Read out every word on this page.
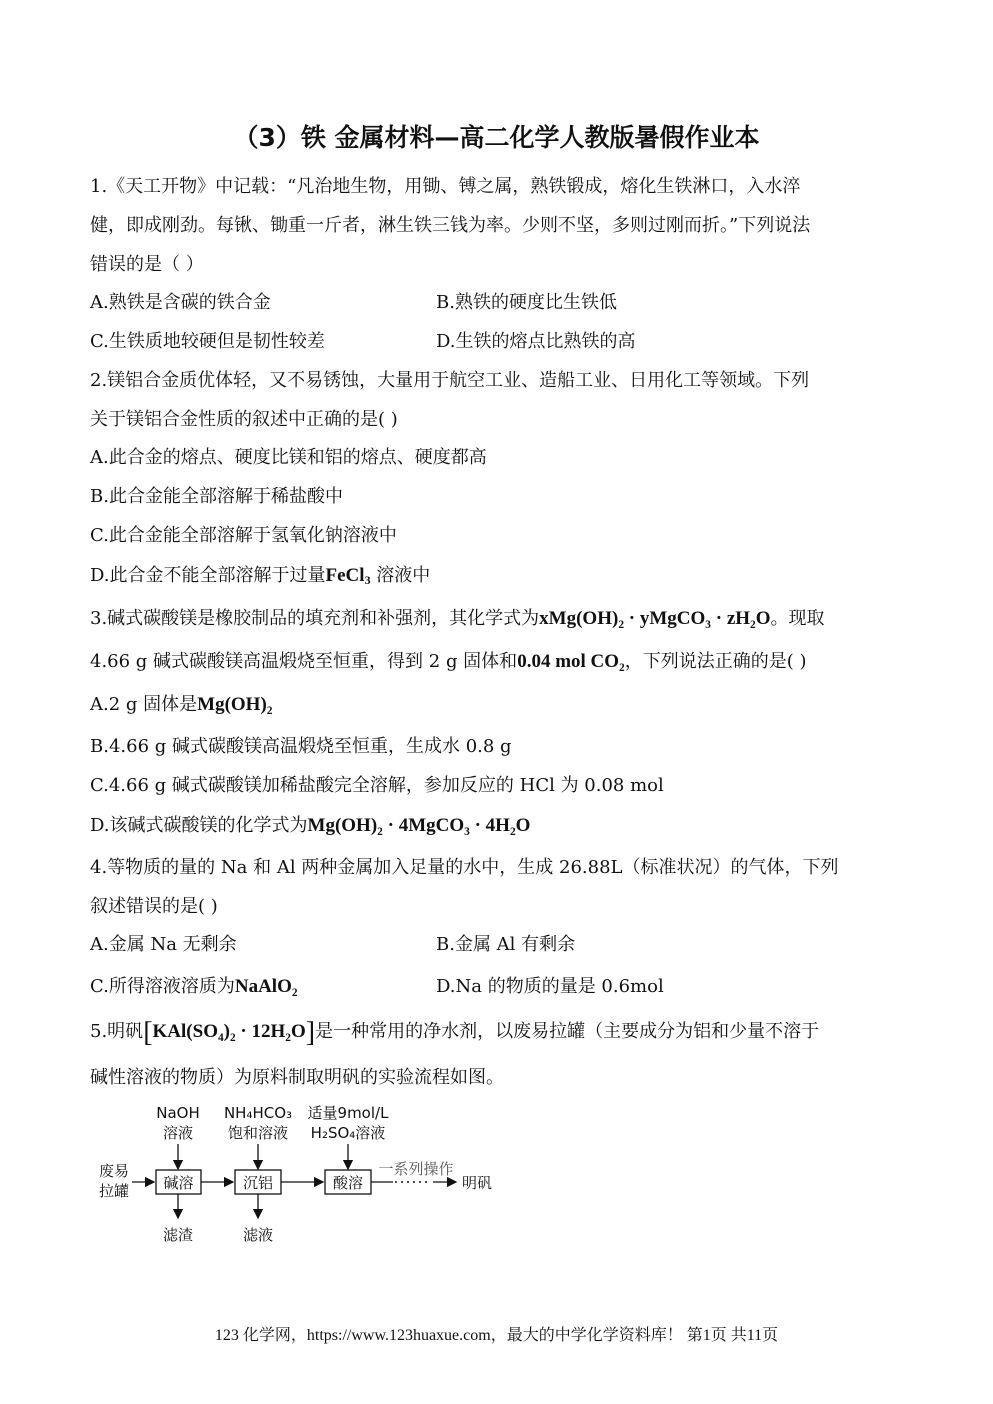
（3）铁 金属材料—高二化学人教版暑假作业本
1.《天工开物》中记载：“凡治地生物，用锄、镈之属，熟铁锻成，熔化生铁淋口，入水淬
健，即成刚劲。每锹、锄重一斤者，淋生铁三钱为率。少则不坚，多则过刚而折。”下列说法
错误的是（ ）
A.熟铁是含碳的铁合金	B.熟铁的硬度比生铁低
C.生铁质地较硬但是韧性较差	D.生铁的熔点比熟铁的高
2.镁铝合金质优体轻，又不易锈蚀，大量用于航空工业、造船工业、日用化工等领域。下列
关于镁铝合金性质的叙述中正确的是( )
A.此合金的熔点、硬度比镁和铝的熔点、硬度都高
B.此合金能全部溶解于稀盐酸中
C.此合金能全部溶解于氢氧化钠溶液中
D.此合金不能全部溶解于过量FeCl$_3$ 溶液中
3.碱式碳酸镁是橡胶制品的填充剂和补强剂，其化学式为xMg(OH)₂ · yMgCO₃ · zH₂O。现取
4.66 g 碱式碳酸镁高温煅烧至恒重，得到 2 g 固体和0.04 mol CO₂，下列说法正确的是( )
A.2 g 固体是Mg(OH)₂
B.4.66 g 碱式碳酸镁高温煅烧至恒重，生成水 0.8 g
C.4.66 g 碱式碳酸镁加稀盐酸完全溶解，参加反应的 HCl 为 0.08 mol
D.该碱式碳酸镁的化学式为Mg(OH)₂ · 4MgCO₃ · 4H₂O
4.等物质的量的 Na 和 Al 两种金属加入足量的水中，生成 26.88L（标准状况）的气体，下列
叙述错误的是( )
A.金属 Na 无剩余	B.金属 Al 有剩余
C.所得溶液溶质为NaAlO₂	D.Na 的物质的量是 0.6mol
5.明矾[KAl(SO₄)₂ · 12H₂O]是一种常用的净水剂，以废易拉罐（主要成分为铝和少量不溶于
碱性溶液的物质）为原料制取明矾的实验流程如图。
NaOH
溶液
NH₄HCO₃
饱和溶液
适量9mol/L
H₂SO₄溶液
废易
拉罐 碱溶	沉铝	酸溶
一系列操作
明矾
滤渣	滤液
123 化学网，https://www.123huaxue.com，最大的中学化学资料库！ 第1页 共11页
